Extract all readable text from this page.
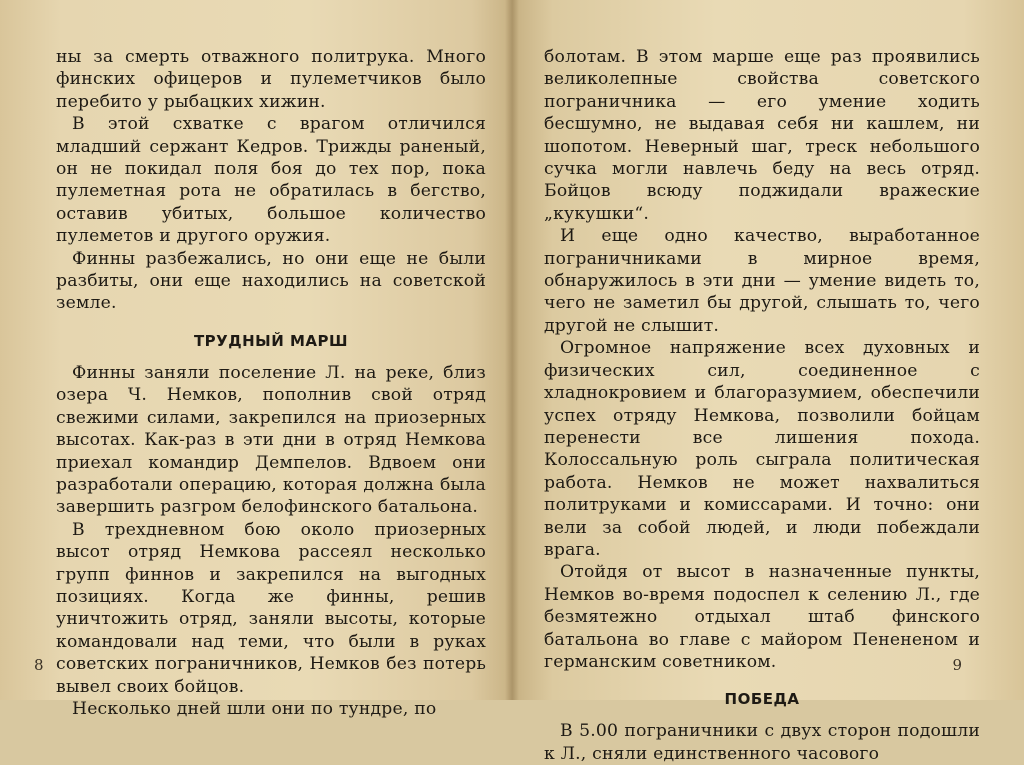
ны за смерть отважного политрука. Много финских офицеров и пулеметчиков было перебито у рыбацких хижин.

В этой схватке с врагом отличился младший сержант Кедров. Трижды раненый, он не покидал поля боя до тех пор, пока пулеметная рота не обратилась в бегство, оставив убитых, большое количество пулеметов и другого оружия.

Финны разбежались, но они еще не были разбиты, они еще находились на советской земле.

ТРУДНЫЙ МАРШ

Финны заняли поселение Л. на реке, близ озера Ч. Немков, пополнив свой отряд свежими силами, закрепился на приозерных высотах. Как-раз в эти дни в отряд Немкова приехал командир Демпелов. Вдвоем они разработали операцию, которая должна была завершить разгром белофинского батальона.

В трехдневном бою около приозерных высот отряд Немкова рассеял несколько групп финнов и закрепился на выгодных позициях. Когда же финны, решив уничтожить отряд, заняли высоты, которые командовали над теми, что были в руках советских пограничников, Немков без потерь вывел своих бойцов.

Несколько дней шли они по тундре, по

8

болотам. В этом марше еще раз проявились великолепные свойства советского пограничника — его умение ходить бесшумно, не выдавая себя ни кашлем, ни шопотом. Неверный шаг, треск небольшого сучка могли навлечь беду на весь отряд. Бойцов всюду поджидали вражеские „кукушки“.

И еще одно качество, выработанное пограничниками в мирное время, обнаружилось в эти дни — умение видеть то, чего не заметил бы другой, слышать то, чего другой не слышит.

Огромное напряжение всех духовных и физических сил, соединенное с хладнокровием и благоразумием, обеспечили успех отряду Немкова, позволили бойцам перенести все лишения похода. Колоссальную роль сыграла политическая работа. Немков не может нахвалиться политруками и комиссарами. И точно: они вели за собой людей, и люди побеждали врага.

Отойдя от высот в назначенные пункты, Немков во-время подоспел к селению Л., где безмятежно отдыхал штаб финского батальона во главе с майором Пенененом и германским советником.

ПОБЕДА

В 5.00 пограничники с двух сторон подошли к Л., сняли единственного часового

9
